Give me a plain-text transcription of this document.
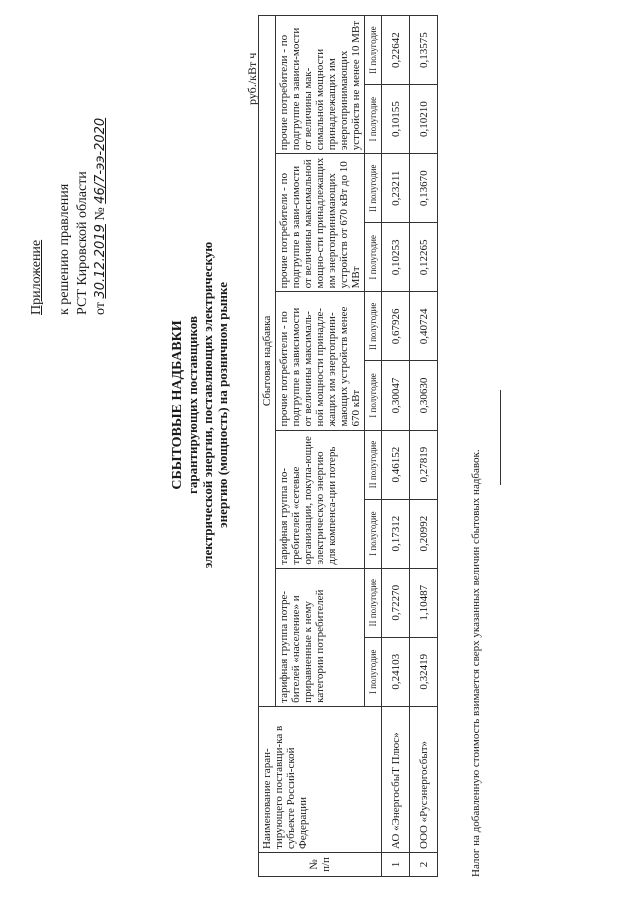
Приложение к решению правления РСТ Кировской области от 30.12.2019 № 46/7-ээ-2020
СБЫТОВЫЕ НАДБАВКИ гарантирующих поставщиков электрической энергии, поставляющих электрическую энергию (мощность) на розничном рынке
руб./кВт ч
№ п/п	Наименование гаран-тирующего поставщи-ка в субъекте Россий-ской Федерации	Сбытовая надбавка									
		тарифная группа потре-бителей «население» и приравненные к нему категории потребителей		тарифная группа по-требителей «сетевые организации, покупа-ющие электрическую энергию для компенса-ции потерь		прочие потребители - по подгруппе в зависимости от величины максималь-ной мощности принадле-жащих им энергоприни-мающих устройств менее 670 кВт		прочие потребители - по подгруппе в зави-симости от величины максимальной мощно-сти принадлежащих им энергопринимающих устройств от 670 кВт до 10 МВт		прочие потребители - по подгруппе в зависи-мости от величины мак-симальной мощности принадлежащих им энергопринимающих устройств не менее 10 МВт	
		I полугодие	II полугодие	I полугодие	II полугодие	I полугодие	II полугодие	I полугодие	II полугодие	I полугодие	II полугодие
1	АО «ЭнергосбыТ Плюс»	0,24103	0,72270	0,17312	0,46152	0,30047	0,67926	0,10253	0,23211	0,10155	0,22642
2	ООО «Русэнергосбыт»	0,32419	1,10487	0,20992	0,27819	0,30630	0,40724	0,12265	0,13670	0,10210	0,13575
Налог на добавленную стоимость взимается сверх указанных величин сбытовых надбавок.
